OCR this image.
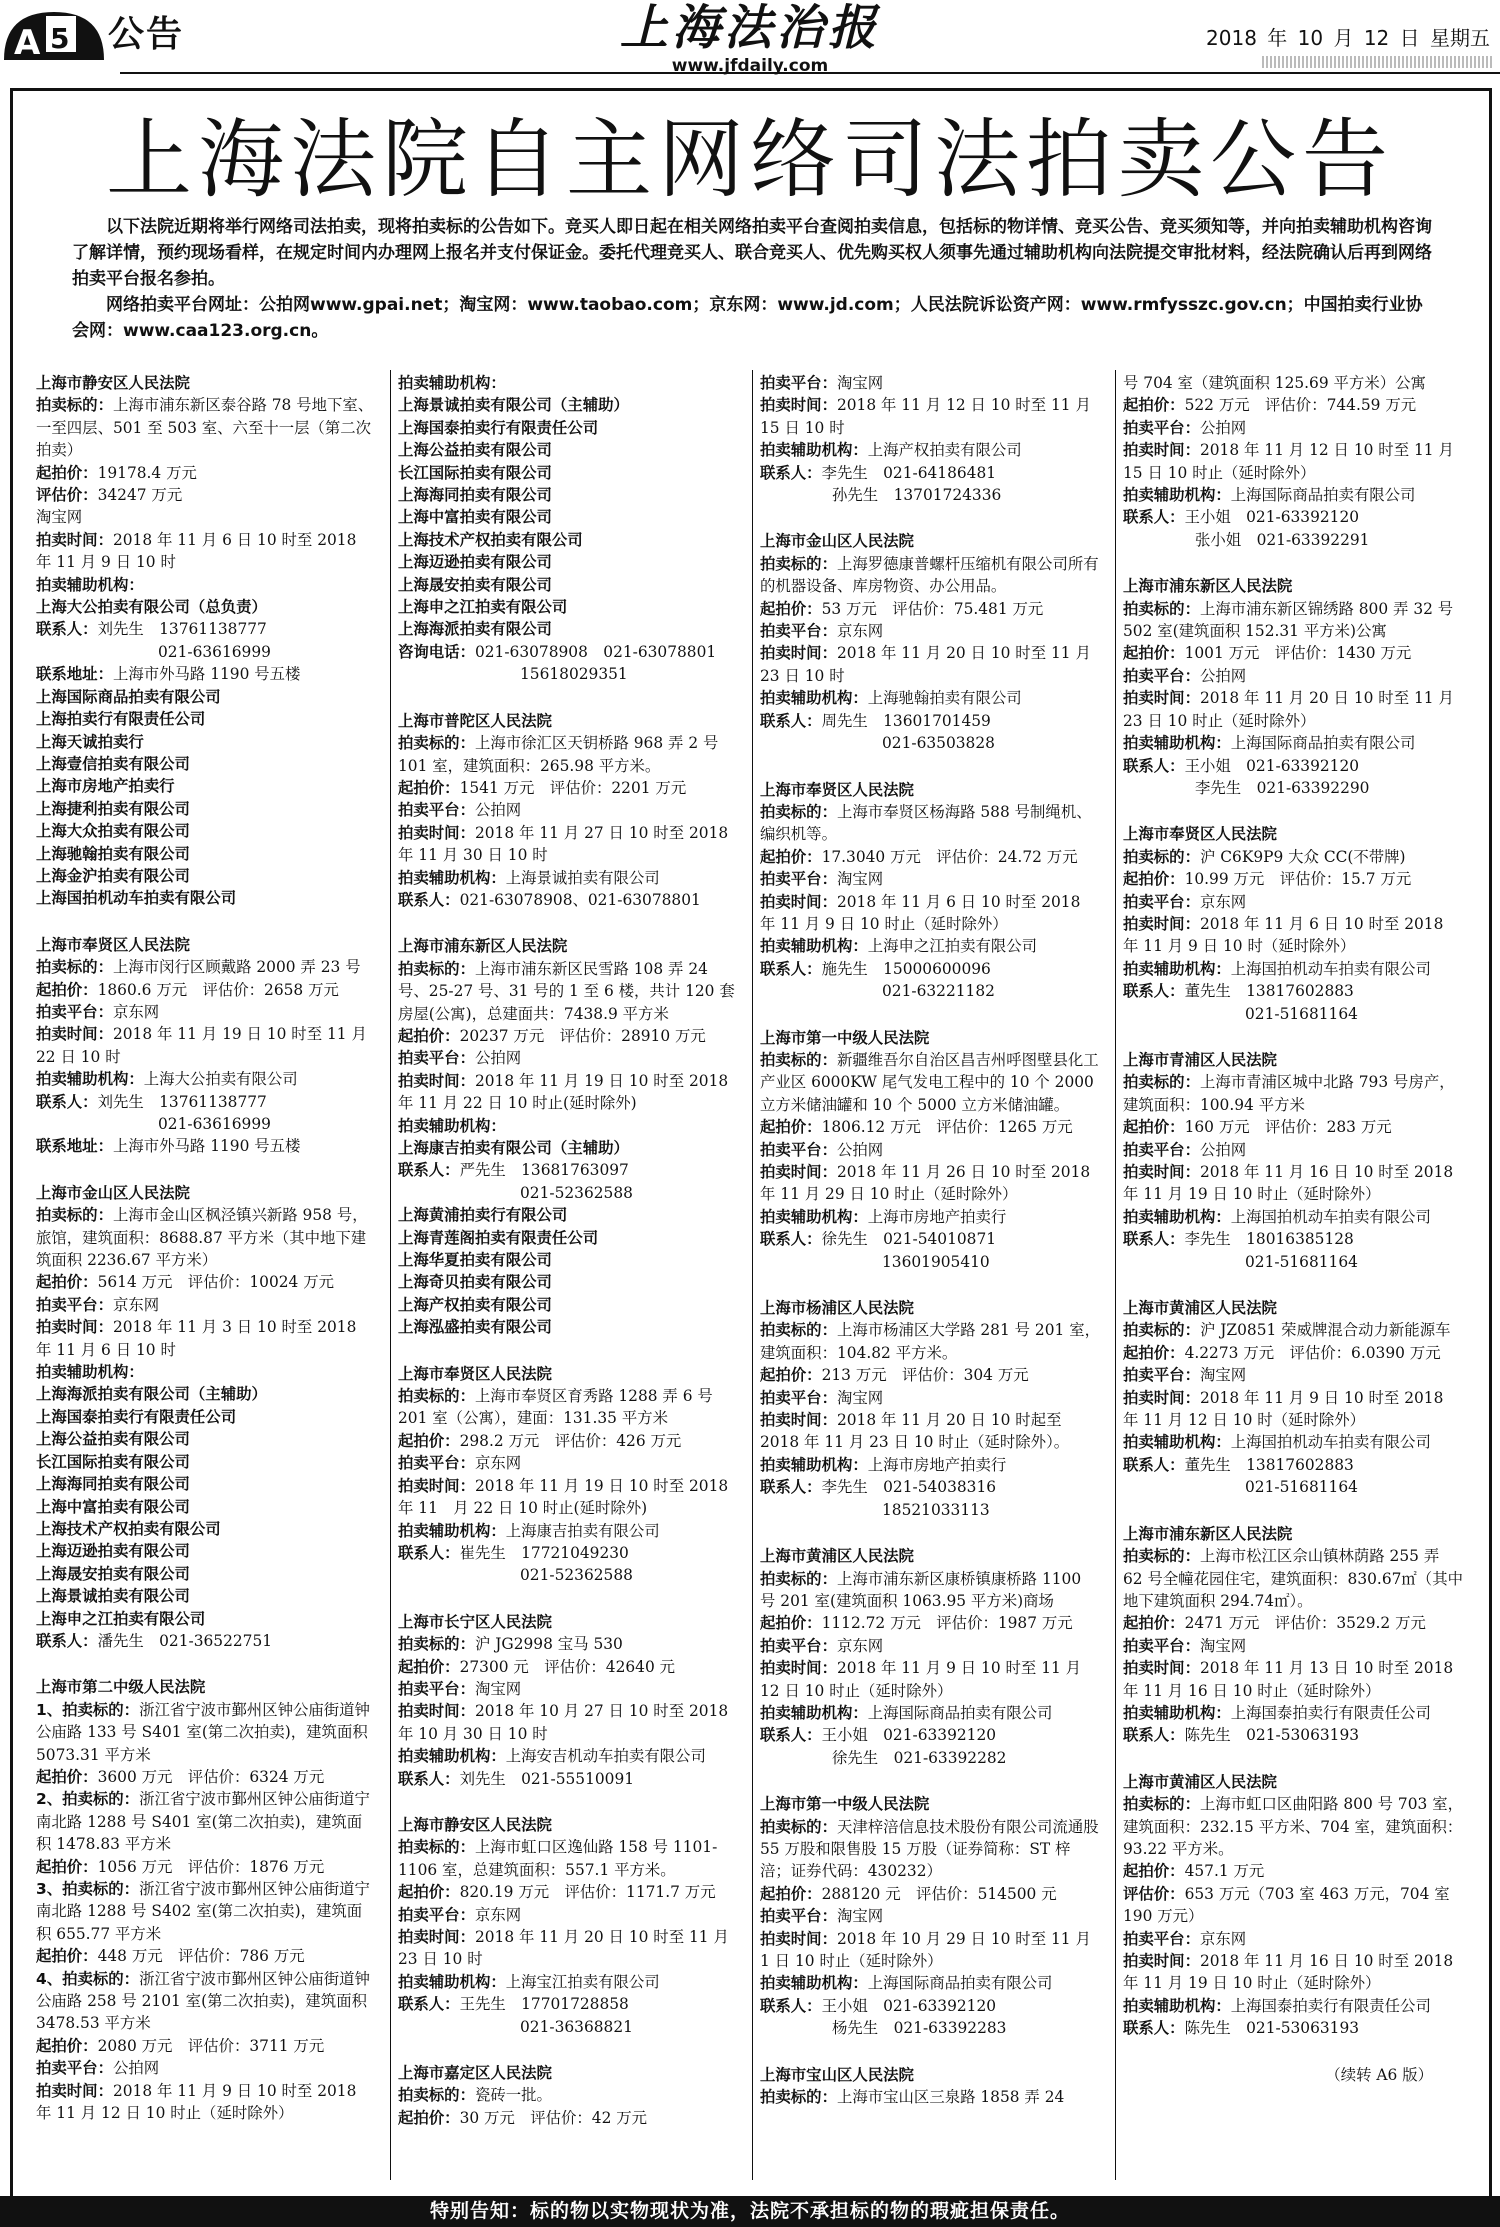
A 5 公告	上海法治报
www.jfdaily.com
2018 年 10 月 12 日 星期五
上海法院自主网络司法拍卖公告

以下法院近期将举行网络司法拍卖，现将拍卖标的公告如下。竞买人即日起在相关网络拍卖平台查阅拍卖信息，包括标的物详情、竞买公告、竞买须知等，并向拍卖辅助机构咨询了解详情，预约现场看样，在规定时间内办理网上报名并支付保证金。委托代理竞买人、联合竞买人、优先购买权人须事先通过辅助机构向法院提交审批材料，经法院确认后再到网络拍卖平台报名参拍。

网络拍卖平台网址：公拍网www.gpai.net；淘宝网：www.taobao.com；京东网：www.jd.com；人民法院诉讼资产网：www.rmfysszc.gov.cn；中国拍卖行业协会网：www.caa123.org.cn。

上海市静安区人民法院
拍卖标的：上海市浦东新区泰谷路 78 号地下室、一至四层、501 至 503 室、六至十一层（第二次拍卖）
起拍价：19178.4 万元
评估价：34247 万元
淘宝网
拍卖时间：2018 年 11 月 6 日 10 时至 2018 年 11 月 9 日 10 时
拍卖辅助机构：
上海大公拍卖有限公司（总负责）
联系人：刘先生　13761138777
021-63616999
联系地址：上海市外马路 1190 号五楼
上海国际商品拍卖有限公司
上海拍卖行有限责任公司
上海天诚拍卖行
上海壹信拍卖有限公司
上海市房地产拍卖行
上海捷利拍卖有限公司
上海大众拍卖有限公司
上海驰翰拍卖有限公司
上海金沪拍卖有限公司
上海国拍机动车拍卖有限公司
上海市奉贤区人民法院
拍卖标的：上海市闵行区顾戴路 2000 弄 23 号
起拍价：1860.6 万元　评估价：2658 万元
拍卖平台：京东网
拍卖时间：2018 年 11 月 19 日 10 时至 11 月 22 日 10 时
拍卖辅助机构：上海大公拍卖有限公司
联系人：刘先生　13761138777
021-63616999
联系地址：上海市外马路 1190 号五楼
上海市金山区人民法院
拍卖标的：上海市金山区枫泾镇兴新路 958 号，旅馆，建筑面积：8688.87 平方米（其中地下建筑面积 2236.67 平方米）
起拍价：5614 万元　评估价：10024 万元
拍卖平台：京东网
拍卖时间：2018 年 11 月 3 日 10 时至 2018 年 11 月 6 日 10 时
拍卖辅助机构：
上海海派拍卖有限公司（主辅助）
上海国泰拍卖行有限责任公司
上海公益拍卖有限公司
长江国际拍卖有限公司
上海海同拍卖有限公司
上海中富拍卖有限公司
上海技术产权拍卖有限公司
上海迈逊拍卖有限公司
上海晟安拍卖有限公司
上海景诚拍卖有限公司
上海申之江拍卖有限公司
联系人：潘先生　021-36522751
上海市第二中级人民法院
1、拍卖标的：浙江省宁波市鄞州区钟公庙街道钟公庙路 133 号 S401 室(第二次拍卖)，建筑面积 5073.31 平方米
起拍价：3600 万元　评估价：6324 万元
2、拍卖标的：浙江省宁波市鄞州区钟公庙街道宁南北路 1288 号 S401 室(第二次拍卖)，建筑面积 1478.83 平方米
起拍价：1056 万元　评估价：1876 万元
3、拍卖标的：浙江省宁波市鄞州区钟公庙街道宁南北路 1288 号 S402 室(第二次拍卖)，建筑面积 655.77 平方米
起拍价：448 万元　评估价：786 万元
4、拍卖标的：浙江省宁波市鄞州区钟公庙街道钟公庙路 258 号 2101 室(第二次拍卖)，建筑面积 3478.53 平方米
起拍价：2080 万元　评估价：3711 万元
拍卖平台：公拍网
拍卖时间：2018 年 11 月 9 日 10 时至 2018 年 11 月 12 日 10 时止（延时除外）
拍卖辅助机构：
上海景诚拍卖有限公司（主辅助）
上海国泰拍卖行有限责任公司
上海公益拍卖有限公司
长江国际拍卖有限公司
上海海同拍卖有限公司
上海中富拍卖有限公司
上海技术产权拍卖有限公司
上海迈逊拍卖有限公司
上海晟安拍卖有限公司
上海申之江拍卖有限公司
上海海派拍卖有限公司
咨询电话：021-63078908　021-63078801
15618029351
上海市普陀区人民法院
拍卖标的：上海市徐汇区天钥桥路 968 弄 2 号 101 室，建筑面积：265.98 平方米。
起拍价：1541 万元　评估价：2201 万元
拍卖平台：公拍网
拍卖时间：2018 年 11 月 27 日 10 时至 2018 年 11 月 30 日 10 时
拍卖辅助机构：上海景诚拍卖有限公司
联系人：021-63078908、021-63078801
上海市浦东新区人民法院
拍卖标的：上海市浦东新区民雪路 108 弄 24 号、25-27 号、31 号的 1 至 6 楼，共计 120 套房屋(公寓)，总建面共：7438.9 平方米
起拍价：20237 万元　评估价：28910 万元
拍卖平台：公拍网
拍卖时间：2018 年 11 月 19 日 10 时至 2018 年 11 月 22 日 10 时止(延时除外)
拍卖辅助机构：
上海康吉拍卖有限公司（主辅助）
联系人：严先生　13681763097
021-52362588
上海黄浦拍卖行有限公司
上海青莲阁拍卖有限责任公司
上海华夏拍卖有限公司
上海奇贝拍卖有限公司
上海产权拍卖有限公司
上海泓盛拍卖有限公司
上海市奉贤区人民法院
拍卖标的：上海市奉贤区育秀路 1288 弄 6 号 201 室（公寓），建面：131.35 平方米
起拍价：298.2 万元　评估价：426 万元
拍卖平台：京东网
拍卖时间：2018 年 11 月 19 日 10 时至 2018 年 11　月 22 日 10 时止(延时除外)
拍卖辅助机构：上海康吉拍卖有限公司
联系人：崔先生　17721049230
021-52362588
上海市长宁区人民法院
拍卖标的：沪 JG2998 宝马 530
起拍价：27300 元　评估价：42640 元
拍卖平台：淘宝网
拍卖时间：2018 年 10 月 27 日 10 时至 2018 年 10 月 30 日 10 时
拍卖辅助机构：上海安吉机动车拍卖有限公司
联系人：刘先生　021-55510091
上海市静安区人民法院
拍卖标的：上海市虹口区逸仙路 158 号 1101-1106 室，总建筑面积：557.1 平方米。
起拍价：820.19 万元　评估价：1171.7 万元
拍卖平台：京东网
拍卖时间：2018 年 11 月 20 日 10 时至 11 月 23 日 10 时
拍卖辅助机构：上海宝江拍卖有限公司
联系人：王先生　17701728858
021-36368821
上海市嘉定区人民法院
拍卖标的：瓷砖一批。
起拍价：30 万元　评估价：42 万元
拍卖平台：淘宝网
拍卖时间：2018 年 11 月 12 日 10 时至 11 月 15 日 10 时
拍卖辅助机构：上海产权拍卖有限公司
联系人：李先生　021-64186481
孙先生　13701724336
上海市金山区人民法院
拍卖标的：上海罗德康普螺杆压缩机有限公司所有的机器设备、库房物资、办公用品。
起拍价：53 万元　评估价：75.481 万元
拍卖平台：京东网
拍卖时间：2018 年 11 月 20 日 10 时至 11 月 23 日 10 时
拍卖辅助机构：上海驰翰拍卖有限公司
联系人：周先生　13601701459
021-63503828
上海市奉贤区人民法院
拍卖标的：上海市奉贤区杨海路 588 号制绳机、编织机等。
起拍价：17.3040 万元　评估价：24.72 万元
拍卖平台：淘宝网
拍卖时间：2018 年 11 月 6 日 10 时至 2018 年 11 月 9 日 10 时止（延时除外）
拍卖辅助机构：上海申之江拍卖有限公司
联系人：施先生　15000600096
021-63221182
上海市第一中级人民法院
拍卖标的：新疆维吾尔自治区昌吉州呼图壁县化工产业区 6000KW 尾气发电工程中的 10 个 2000 立方米储油罐和 10 个 5000 立方米储油罐。
起拍价：1806.12 万元　评估价：1265 万元
拍卖平台：公拍网
拍卖时间：2018 年 11 月 26 日 10 时至 2018 年 11 月 29 日 10 时止（延时除外）
拍卖辅助机构：上海市房地产拍卖行
联系人：徐先生　021-54010871
13601905410
上海市杨浦区人民法院
拍卖标的：上海市杨浦区大学路 281 号 201 室，建筑面积：104.82 平方米。
起拍价：213 万元　评估价：304 万元
拍卖平台：淘宝网
拍卖时间：2018 年 11 月 20 日 10 时起至 2018 年 11 月 23 日 10 时止（延时除外）。
拍卖辅助机构：上海市房地产拍卖行
联系人：李先生　021-54038316
18521033113
上海市黄浦区人民法院
拍卖标的：上海市浦东新区康桥镇康桥路 1100 号 201 室(建筑面积 1063.95 平方米)商场
起拍价：1112.72 万元　评估价：1987 万元
拍卖平台：京东网
拍卖时间：2018 年 11 月 9 日 10 时至 11 月 12 日 10 时止（延时除外）
拍卖辅助机构：上海国际商品拍卖有限公司
联系人：王小姐　021-63392120
徐先生　021-63392282
上海市第一中级人民法院
拍卖标的：天津梓涪信息技术股份有限公司流通股 55 万股和限售股 15 万股（证券简称：ST 梓涪；证券代码：430232）
起拍价：288120 元　评估价：514500 元
拍卖平台：淘宝网
拍卖时间：2018 年 10 月 29 日 10 时至 11 月 1 日 10 时止（延时除外）
拍卖辅助机构：上海国际商品拍卖有限公司
联系人：王小姐　021-63392120
杨先生　021-63392283
上海市宝山区人民法院
拍卖标的：上海市宝山区三泉路 1858 弄 24
号 704 室（建筑面积 125.69 平方米）公寓
起拍价：522 万元　评估价：744.59 万元
拍卖平台：公拍网
拍卖时间：2018 年 11 月 12 日 10 时至 11 月 15 日 10 时止（延时除外）
拍卖辅助机构：上海国际商品拍卖有限公司
联系人：王小姐　021-63392120
张小姐　021-63392291
上海市浦东新区人民法院
拍卖标的：上海市浦东新区锦绣路 800 弄 32 号 502 室(建筑面积 152.31 平方米)公寓
起拍价：1001 万元　评估价：1430 万元
拍卖平台：公拍网
拍卖时间：2018 年 11 月 20 日 10 时至 11 月 23 日 10 时止（延时除外）
拍卖辅助机构：上海国际商品拍卖有限公司
联系人：王小姐　021-63392120
李先生　021-63392290
上海市奉贤区人民法院
拍卖标的：沪 C6K9P9 大众 CC(不带牌)
起拍价：10.99 万元　评估价：15.7 万元
拍卖平台：京东网
拍卖时间：2018 年 11 月 6 日 10 时至 2018 年 11 月 9 日 10 时（延时除外）
拍卖辅助机构：上海国拍机动车拍卖有限公司
联系人：董先生　13817602883
021-51681164
上海市青浦区人民法院
拍卖标的：上海市青浦区城中北路 793 号房产，建筑面积：100.94 平方米
起拍价：160 万元　评估价：283 万元
拍卖平台：公拍网
拍卖时间：2018 年 11 月 16 日 10 时至 2018 年 11 月 19 日 10 时止（延时除外）
拍卖辅助机构：上海国拍机动车拍卖有限公司
联系人：李先生　18016385128
021-51681164
上海市黄浦区人民法院
拍卖标的：沪 JZ0851 荣威牌混合动力新能源车
起拍价：4.2273 万元　评估价：6.0390 万元
拍卖平台：淘宝网
拍卖时间：2018 年 11 月 9 日 10 时至 2018 年 11 月 12 日 10 时（延时除外）
拍卖辅助机构：上海国拍机动车拍卖有限公司
联系人：董先生　13817602883
021-51681164
上海市浦东新区人民法院
拍卖标的：上海市松江区佘山镇林荫路 255 弄 62 号全幢花园住宅，建筑面积：830.67㎡（其中地下建筑面积 294.74㎡）。
起拍价：2471 万元　评估价：3529.2 万元
拍卖平台：淘宝网
拍卖时间：2018 年 11 月 13 日 10 时至 2018 年 11 月 16 日 10 时止（延时除外）
拍卖辅助机构：上海国泰拍卖行有限责任公司
联系人：陈先生　021-53063193
上海市黄浦区人民法院
拍卖标的：上海市虹口区曲阳路 800 号 703 室，建筑面积：232.15 平方米、704 室，建筑面积：93.22 平方米。
起拍价：457.1 万元
评估价：653 万元（703 室 463 万元，704 室 190 万元）
拍卖平台：京东网
拍卖时间：2018 年 11 月 16 日 10 时至 2018 年 11 月 19 日 10 时止（延时除外）
拍卖辅助机构：上海国泰拍卖行有限责任公司
联系人：陈先生　021-53063193
（续转 A6 版）
特别告知：标的物以实物现状为准，法院不承担标的物的瑕疵担保责任。
